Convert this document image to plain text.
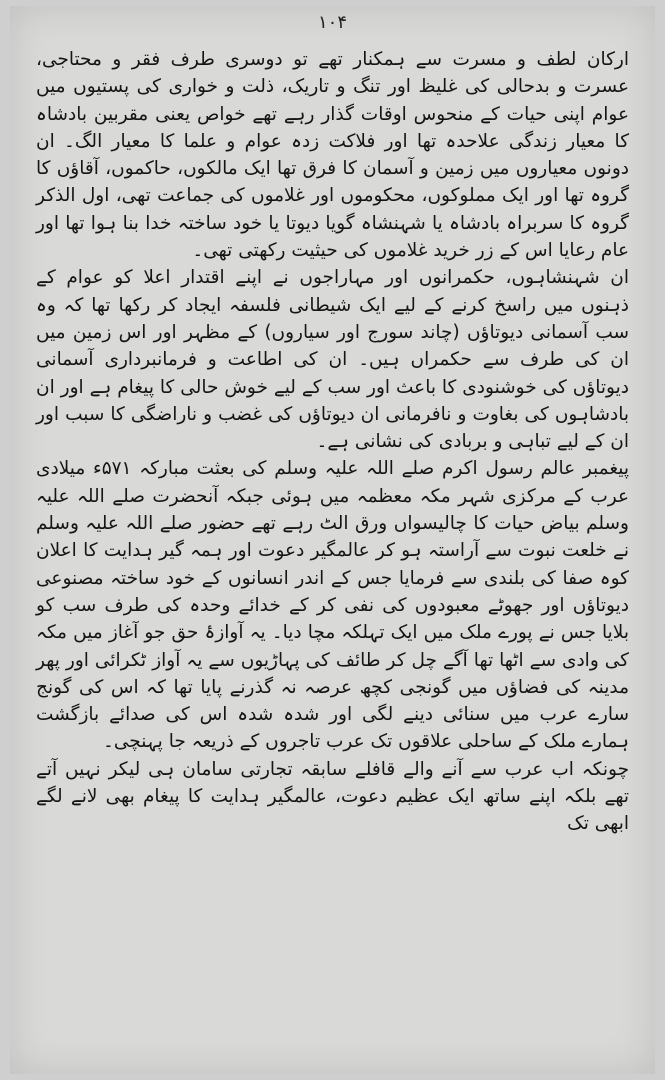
١٠۴

ارکان لطف و مسرت سے ہمکنار تھے تو دوسری طرف فقر و محتاجی، عسرت و بدحالی کی غلیظ اور تنگ و تاریک، ذلت و خواری کی پستیوں میں عوام اپنی حیات کے منحوس اوقات گذار رہے تھے خواص یعنی مقربین بادشاہ کا معیار زندگی علاحدہ تھا اور فلاکت زدہ عوام و علما کا معیار الگ۔ ان دونوں معیاروں میں زمین و آسمان کا فرق تھا ایک مالکوں، حاکموں، آقاؤں کا گروہ تھا اور ایک مملوکوں، محکوموں اور غلاموں کی جماعت تھی، اول الذکر گروہ کا سربراہ بادشاہ یا شہنشاہ گویا دیوتا یا خود ساختہ خدا بنا ہوا تھا اور عام رعایا اس کے زر خرید غلاموں کی حیثیت رکھتی تھی۔

ان شہنشاہوں، حکمرانوں اور مہاراجوں نے اپنے اقتدار اعلا کو عوام کے ذہنوں میں راسخ کرنے کے لیے ایک شیطانی فلسفہ ایجاد کر رکھا تھا کہ وہ سب آسمانی دیوتاؤں (چاند سورج اور سیاروں) کے مظہر اور اس زمین میں ان کی طرف سے حکمراں ہیں۔ ان کی اطاعت و فرمانبرداری آسمانی دیوتاؤں کی خوشنودی کا باعث اور سب کے لیے خوش حالی کا پیغام ہے اور ان بادشاہوں کی بغاوت و نافرمانی ان دیوتاؤں کی غضب و ناراضگی کا سبب اور ان کے لیے تباہی و بربادی کی نشانی ہے۔

پیغمبر عالم رسول اکرم صلے اللہ علیہ وسلم کی بعثت مبارکہ ۵۷۱ء میلادی عرب کے مرکزی شہر مکہ معظمہ میں ہوئی جبکہ آنحضرت صلے اللہ علیہ وسلم بیاض حیات کا چالیسواں ورق الٹ رہے تھے حضور صلے اللہ علیہ وسلم نے خلعت نبوت سے آراستہ ہو کر عالمگیر دعوت اور ہمہ گیر ہدایت کا اعلان کوہ صفا کی بلندی سے فرمایا جس کے اندر انسانوں کے خود ساختہ مصنوعی دیوتاؤں اور جھوٹے معبودوں کی نفی کر کے خدائے وحدہ کی طرف سب کو بلایا جس نے پورے ملک میں ایک تہلکہ مچا دیا۔ یہ آوازۂ حق جو آغاز میں مکہ کی وادی سے اٹھا تھا آگے چل کر طائف کی پہاڑیوں سے یہ آواز ٹکرائی اور پھر مدینہ کی فضاؤں میں گونجی کچھ عرصہ نہ گذرنے پایا تھا کہ اس کی گونج سارے عرب میں سنائی دینے لگی اور شدہ شدہ اس کی صدائے بازگشت ہمارے ملک کے ساحلی علاقوں تک عرب تاجروں کے ذریعہ جا پہنچی۔

چونکہ اب عرب سے آنے والے قافلے سابقہ تجارتی سامان ہی لیکر نہیں آتے تھے بلکہ اپنے ساتھ ایک عظیم دعوت، عالمگیر ہدایت کا پیغام بھی لانے لگے ابھی تک
